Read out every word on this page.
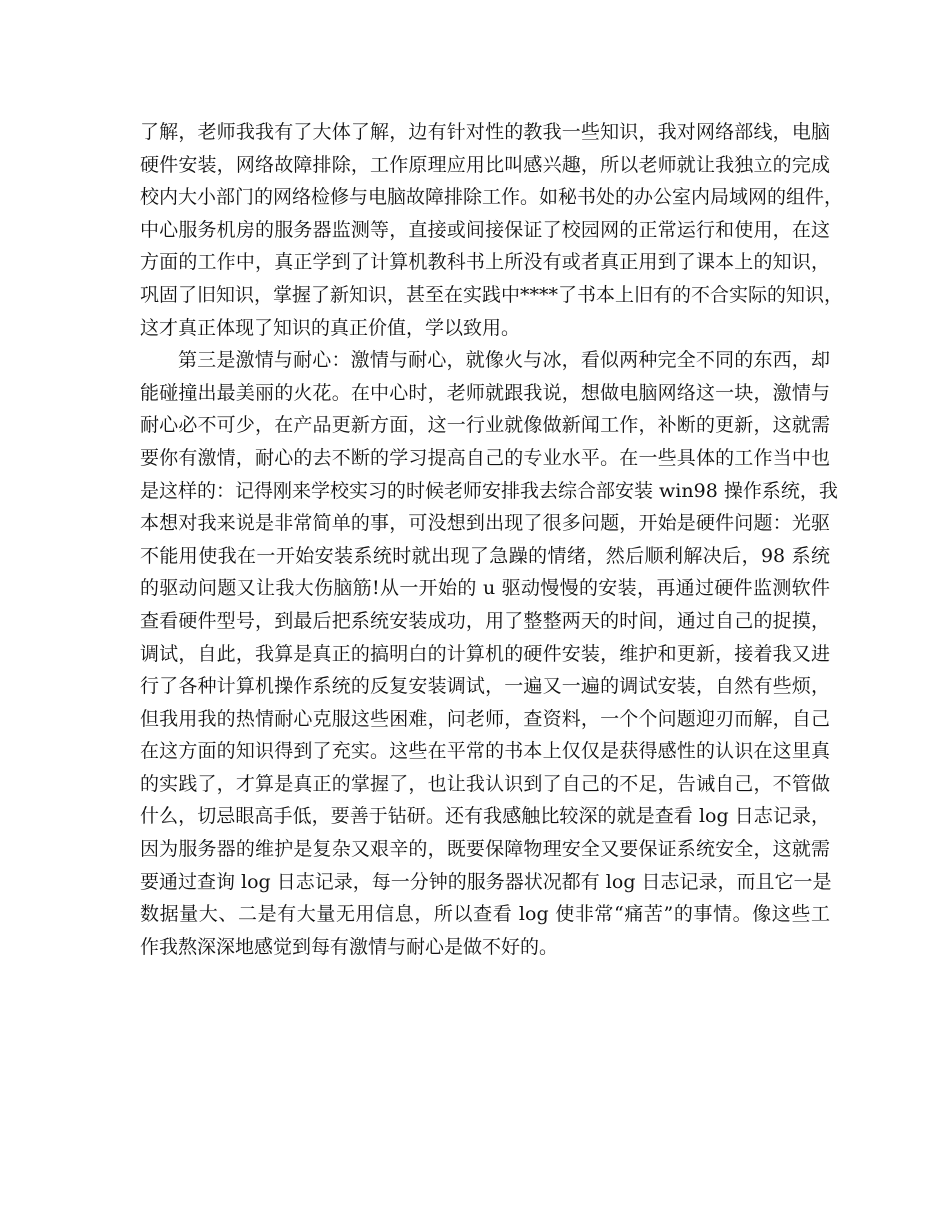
了解，老师我我有了大体了解，边有针对性的教我一些知识，我对网络部线，电脑
硬件安装，网络故障排除，工作原理应用比叫感兴趣，所以老师就让我独立的完成
校内大小部门的网络检修与电脑故障排除工作。如秘书处的办公室内局域网的组件，
中心服务机房的服务器监测等，直接或间接保证了校园网的正常运行和使用，在这
方面的工作中，真正学到了计算机教科书上所没有或者真正用到了课本上的知识，
巩固了旧知识，掌握了新知识，甚至在实践中****了书本上旧有的不合实际的知识，
这才真正体现了知识的真正价值，学以致用。
第三是激情与耐心：激情与耐心，就像火与冰，看似两种完全不同的东西，却
能碰撞出最美丽的火花。在中心时，老师就跟我说，想做电脑网络这一块，激情与
耐心必不可少，在产品更新方面，这一行业就像做新闻工作，补断的更新，这就需
要你有激情，耐心的去不断的学习提高自己的专业水平。在一些具体的工作当中也
是这样的：记得刚来学校实习的时候老师安排我去综合部安装 win98 操作系统，我
本想对我来说是非常简单的事，可没想到出现了很多问题，开始是硬件问题：光驱
不能用使我在一开始安装系统时就出现了急躁的情绪，然后顺利解决后，98 系统
的驱动问题又让我大伤脑筋!从一开始的 u 驱动慢慢的安装，再通过硬件监测软件
查看硬件型号，到最后把系统安装成功，用了整整两天的时间，通过自己的捉摸，
调试，自此，我算是真正的搞明白的计算机的硬件安装，维护和更新，接着我又进
行了各种计算机操作系统的反复安装调试，一遍又一遍的调试安装，自然有些烦，
但我用我的热情耐心克服这些困难，问老师，查资料，一个个问题迎刃而解，自己
在这方面的知识得到了充实。这些在平常的书本上仅仅是获得感性的认识在这里真
的实践了，才算是真正的掌握了，也让我认识到了自己的不足，告诫自己，不管做
什么，切忌眼高手低，要善于钻研。还有我感触比较深的就是查看 log 日志记录，
因为服务器的维护是复杂又艰辛的，既要保障物理安全又要保证系统安全，这就需
要通过查询 log 日志记录，每一分钟的服务器状况都有 log 日志记录，而且它一是
数据量大、二是有大量无用信息，所以查看 log 使非常“痛苦”的事情。像这些工
作我熬深深地感觉到每有激情与耐心是做不好的。
